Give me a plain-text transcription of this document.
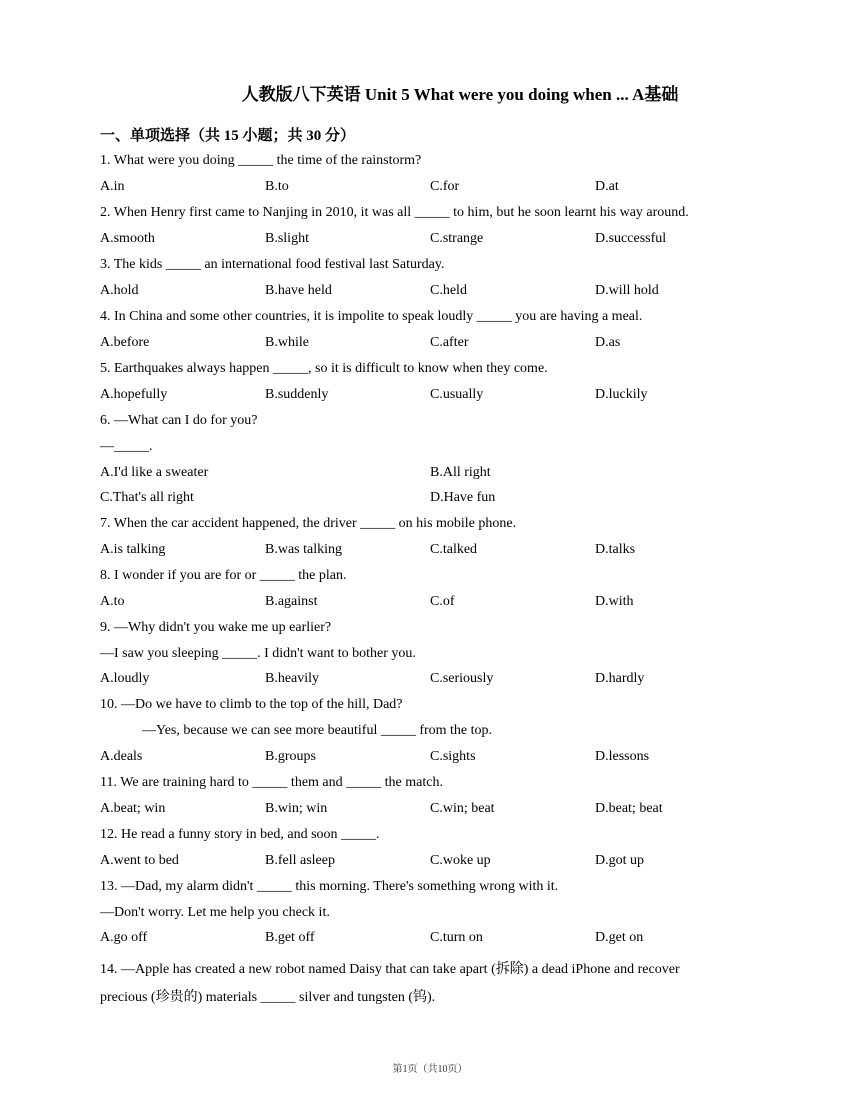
人教版八下英语 Unit 5 What were you doing when ... A基础
一、单项选择（共 15 小题；共 30 分）
1. What were you doing _____ the time of the rainstorm?
A.in	B.to	C.for	D.at
2. When Henry first came to Nanjing in 2010, it was all _____ to him, but he soon learnt his way around.
A.smooth	B.slight	C.strange	D.successful
3. The kids _____ an international food festival last Saturday.
A.hold	B.have held	C.held	D.will hold
4. In China and some other countries, it is impolite to speak loudly _____ you are having a meal.
A.before	B.while	C.after	D.as
5. Earthquakes always happen _____, so it is difficult to know when they come.
A.hopefully	B.suddenly	C.usually	D.luckily
6. —What can I do for you?
—_____.
A.I'd like a sweater	B.All right
C.That's all right	D.Have fun
7. When the car accident happened, the driver _____ on his mobile phone.
A.is talking	B.was talking	C.talked	D.talks
8. I wonder if you are for or _____ the plan.
A.to	B.against	C.of	D.with
9. —Why didn't you wake me up earlier?
—I saw you sleeping _____. I didn't want to bother you.
A.loudly	B.heavily	C.seriously	D.hardly
10. —Do we have to climb to the top of the hill, Dad?
—Yes, because we can see more beautiful _____ from the top.
A.deals	B.groups	C.sights	D.lessons
11. We are training hard to _____ them and _____ the match.
A.beat; win	B.win; win	C.win; beat	D.beat; beat
12. He read a funny story in bed, and soon _____.
A.went to bed	B.fell asleep	C.woke up	D.got up
13. —Dad, my alarm didn't _____ this morning. There's something wrong with it.
—Don't worry. Let me help you check it.
A.go off	B.get off	C.turn on	D.get on
14. —Apple has created a new robot named Daisy that can take apart (拆除) a dead iPhone and recover
precious (珍贵的) materials _____ silver and tungsten (钨).
第1页（共10页）
